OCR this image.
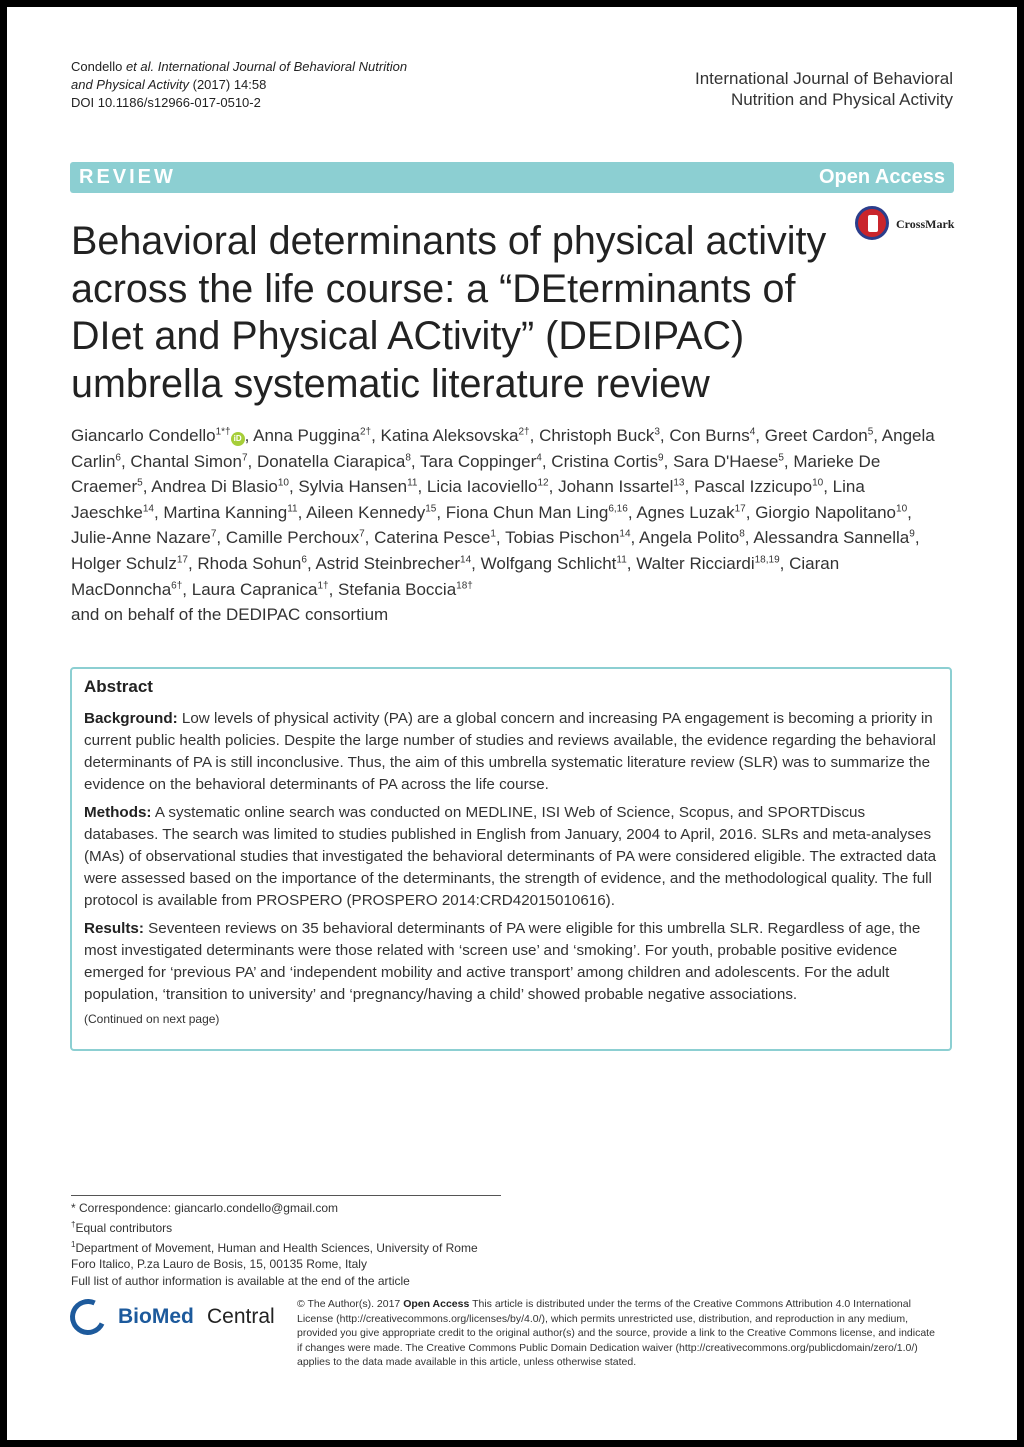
Condello et al. International Journal of Behavioral Nutrition
and Physical Activity (2017) 14:58
DOI 10.1186/s12966-017-0510-2
International Journal of Behavioral
Nutrition and Physical Activity
REVIEW	Open Access
CrossMark
Behavioral determinants of physical activity
across the life course: a “DEterminants of
DIet and Physical ACtivity” (DEDIPAC)
umbrella systematic literature review
Giancarlo Condello$^{1*\dagger}$iD , Anna Puggina$^{2\dagger}$, Katina Aleksovska$^{2\dagger}$, Christoph Buck$^3$, Con Burns$^4$, Greet Cardon$^5$, Angela Carlin$^6$, Chantal Simon$^7$, Donatella Ciarapica$^8$, Tara Coppinger$^4$, Cristina Cortis$^9$, Sara D'Haese$^5$, Marieke De Craemer$^5$, Andrea Di Blasio$^{10}$, Sylvia Hansen$^{11}$, Licia Iacoviello$^{12}$, Johann Issartel$^{13}$, Pascal Izzicupo$^{10}$, Lina Jaeschke$^{14}$, Martina Kanning$^{11}$, Aileen Kennedy$^{15}$, Fiona Chun Man Ling$^{6,16}$, Agnes Luzak$^{17}$, Giorgio Napolitano$^{10}$, Julie-Anne Nazare$^7$, Camille Perchoux$^7$, Caterina Pesce$^1$, Tobias Pischon$^{14}$, Angela Polito$^8$, Alessandra Sannella$^9$, Holger Schulz$^{17}$, Rhoda Sohun$^6$, Astrid Steinbrecher$^{14}$, Wolfgang Schlicht$^{11}$, Walter Ricciardi$^{18,19}$, Ciaran MacDonncha$^{6\dagger}$, Laura Capranica$^{1\dagger}$, Stefania Boccia$^{18\dagger}$
and on behalf of the DEDIPAC consortium
Abstract

Background: Low levels of physical activity (PA) are a global concern and increasing PA engagement is becoming a priority in current public health policies. Despite the large number of studies and reviews available, the evidence regarding the behavioral determinants of PA is still inconclusive. Thus, the aim of this umbrella systematic literature review (SLR) was to summarize the evidence on the behavioral determinants of PA across the life course.

Methods: A systematic online search was conducted on MEDLINE, ISI Web of Science, Scopus, and SPORTDiscus databases. The search was limited to studies published in English from January, 2004 to April, 2016. SLRs and meta-analyses (MAs) of observational studies that investigated the behavioral determinants of PA were considered eligible. The extracted data were assessed based on the importance of the determinants, the strength of evidence, and the methodological quality. The full protocol is available from PROSPERO (PROSPERO 2014:CRD42015010616).

Results: Seventeen reviews on 35 behavioral determinants of PA were eligible for this umbrella SLR. Regardless of age, the most investigated determinants were those related with ‘screen use’ and ‘smoking’. For youth, probable positive evidence emerged for ‘previous PA’ and ‘independent mobility and active transport’ among children and adolescents. For the adult population, ‘transition to university’ and ‘pregnancy/having a child’ showed probable negative associations.

(Continued on next page)
* Correspondence: giancarlo.condello@gmail.com
†Equal contributors
$^1$Department of Movement, Human and Health Sciences, University of Rome
Foro Italico, P.za Lauro de Bosis, 15, 00135 Rome, Italy
Full list of author information is available at the end of the article
BioMed Central
© The Author(s). 2017 Open Access This article is distributed under the terms of the Creative Commons Attribution 4.0 International License (http://creativecommons.org/licenses/by/4.0/), which permits unrestricted use, distribution, and reproduction in any medium, provided you give appropriate credit to the original author(s) and the source, provide a link to the Creative Commons license, and indicate if changes were made. The Creative Commons Public Domain Dedication waiver (http://creativecommons.org/publicdomain/zero/1.0/) applies to the data made available in this article, unless otherwise stated.
